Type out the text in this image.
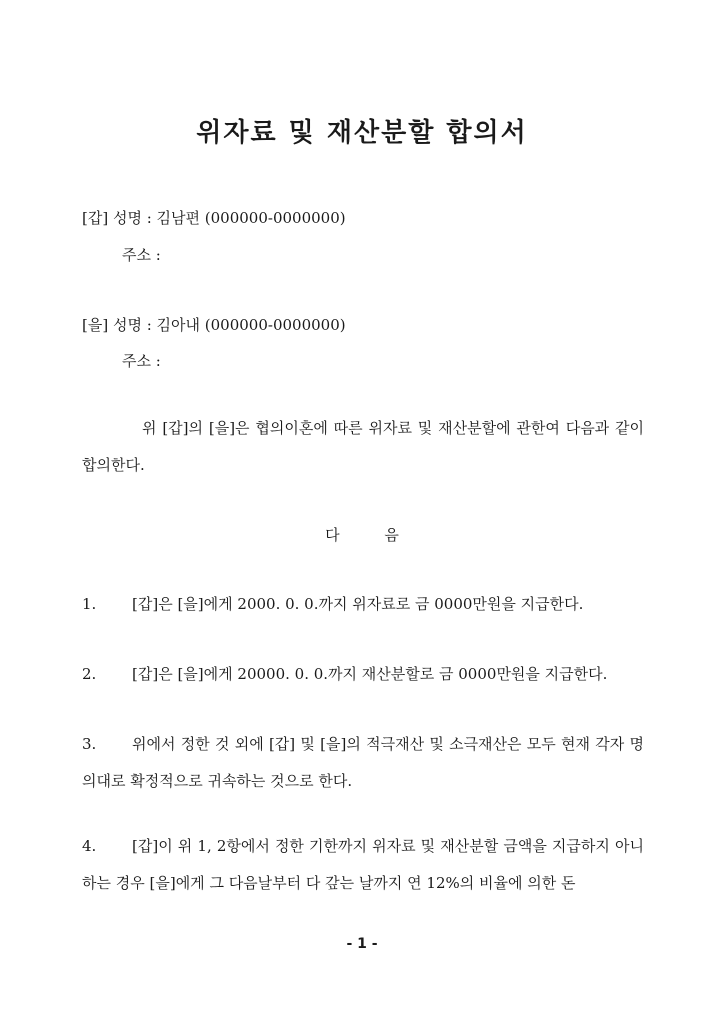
위자료 및 재산분할 합의서
[갑] 성명 : 김남편 (000000-0000000)
주소 :
[을] 성명 : 김아내 (000000-0000000)
주소 :
위 [갑]의 [을]은 협의이혼에 따른 위자료 및 재산분할에 관한여 다음과 같이 합의한다.
다 음
1. [갑]은 [을]에게 2000. 0. 0.까지 위자료로 금 0000만원을 지급한다.
2. [갑]은 [을]에게 20000. 0. 0.까지 재산분할로 금 0000만원을 지급한다.
3. 위에서 정한 것 외에 [갑] 및 [을]의 적극재산 및 소극재산은 모두 현재 각자 명의대로 확정적으로 귀속하는 것으로 한다.
4. [갑]이 위 1, 2항에서 정한 기한까지 위자료 및 재산분할 금액을 지급하지 아니하는 경우 [을]에게 그 다음날부터 다 갚는 날까지 연 12%의 비율에 의한 돈
- 1 -
